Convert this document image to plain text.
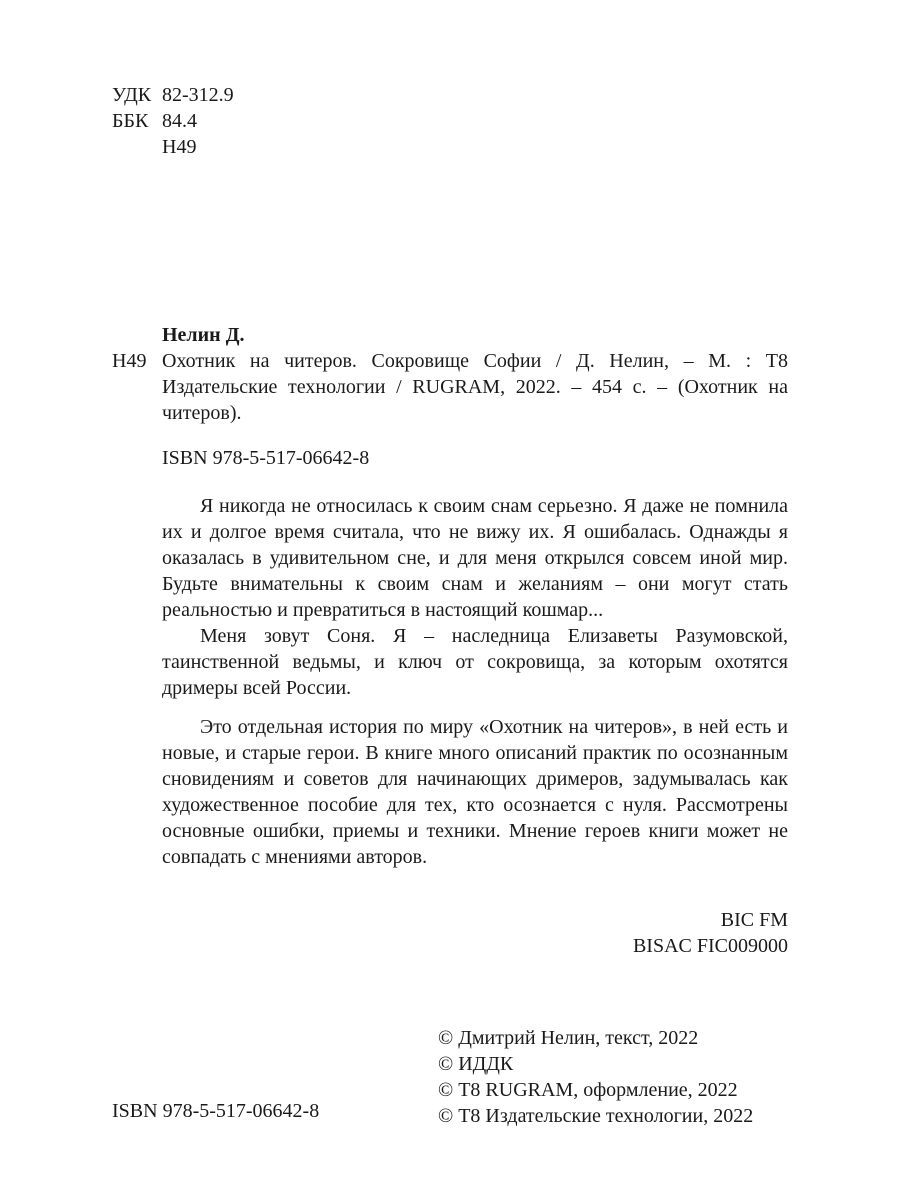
УДК 82-312.9
ББК 84.4
Н49
Нелин Д.
Н49 Охотник на читеров. Сокровище Софии / Д. Нелин, – М. : Т8 Издательские технологии / RUGRAM, 2022. – 454 с. – (Охотник на читеров).
ISBN 978-5-517-06642-8

Я никогда не относилась к своим снам серьезно. Я даже не помнила их и долгое время считала, что не вижу их. Я ошибалась. Однажды я оказалась в удивительном сне, и для меня открылся совсем иной мир. Будьте внимательны к своим снам и желаниям – они могут стать реальностью и превратиться в настоящий кошмар...

Меня зовут Соня. Я – наследница Елизаветы Разумовской, таинственной ведьмы, и ключ от сокровища, за которым охотятся дримеры всей России.

Это отдельная история по миру «Охотник на читеров», в ней есть и новые, и старые герои. В книге много описаний практик по осознанным сновидениям и советов для начинающих дримеров, задумывалась как художественное пособие для тех, кто осознается с нуля. Рассмотрены основные ошибки, приемы и техники. Мнение героев книги может не совпадать с мнениями авторов.

BIC FM
BISAC FIC009000
© Дмитрий Нелин, текст, 2022
© ИДДК
© Т8 RUGRAM, оформление, 2022
© Т8 Издательские технологии, 2022
ISBN 978-5-517-06642-8
